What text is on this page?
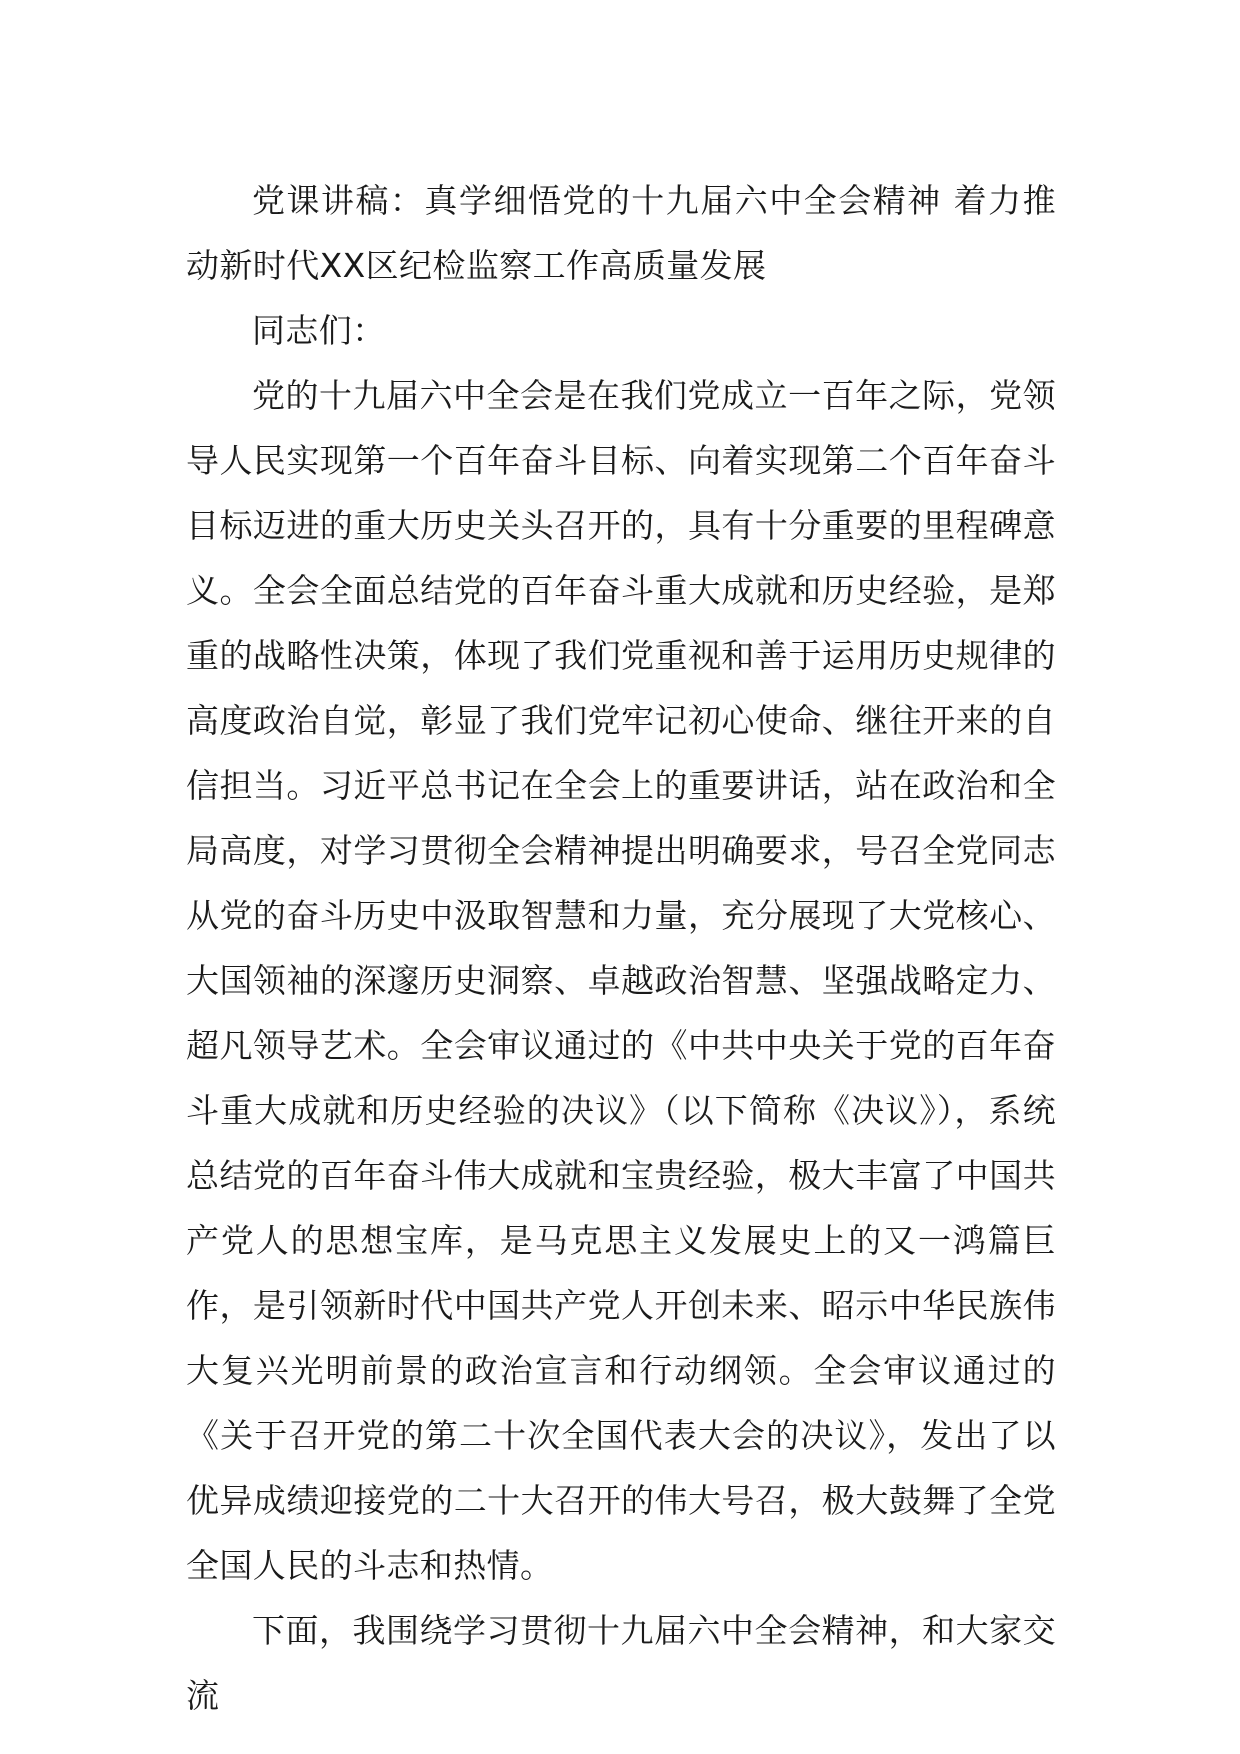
党课讲稿：真学细悟党的十九届六中全会精神 着力推动新时代XX区纪检监察工作高质量发展

同志们：

党的十九届六中全会是在我们党成立一百年之际，党领导人民实现第一个百年奋斗目标、向着实现第二个百年奋斗目标迈进的重大历史关头召开的，具有十分重要的里程碑意义。全会全面总结党的百年奋斗重大成就和历史经验，是郑重的战略性决策，体现了我们党重视和善于运用历史规律的高度政治自觉，彰显了我们党牢记初心使命、继往开来的自信担当。习近平总书记在全会上的重要讲话，站在政治和全局高度，对学习贯彻全会精神提出明确要求，号召全党同志从党的奋斗历史中汲取智慧和力量，充分展现了大党核心、大国领袖的深邃历史洞察、卓越政治智慧、坚强战略定力、超凡领导艺术。全会审议通过的《中共中央关于党的百年奋斗重大成就和历史经验的决议》（以下简称《决议》），系统总结党的百年奋斗伟大成就和宝贵经验，极大丰富了中国共产党人的思想宝库，是马克思主义发展史上的又一鸿篇巨作，是引领新时代中国共产党人开创未来、昭示中华民族伟大复兴光明前景的政治宣言和行动纲领。全会审议通过的《关于召开党的第二十次全国代表大会的决议》，发出了以优异成绩迎接党的二十大召开的伟大号召，极大鼓舞了全党全国人民的斗志和热情。

下面，我围绕学习贯彻十九届六中全会精神，和大家交流
